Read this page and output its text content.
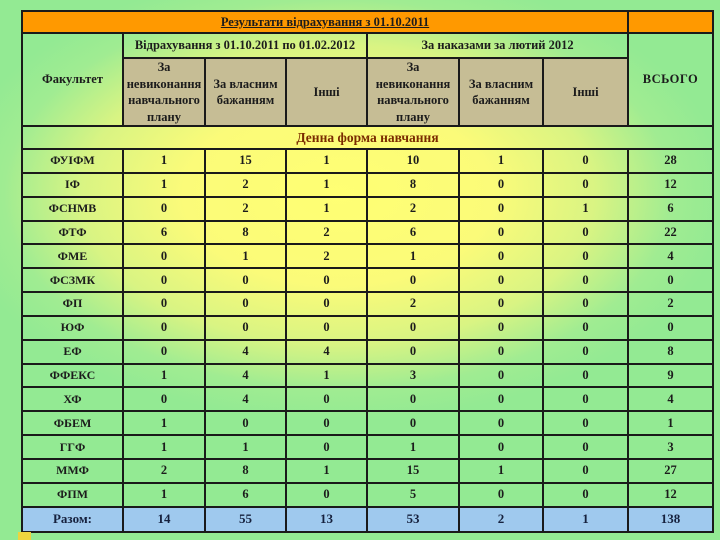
Результати відрахування з 01.10.2011							
Факультет	Відрахування з 01.10.2011 по 01.02.2012			За наказами за лютий 2012			ВСЬОГО
	За невиконання навчального плану	За власним бажанням	Інші	За невиконання навчального плану	За власним бажанням	Інші	
Денна форма навчання							
ФУІФМ	1	15	1	10	1	0	28
ІФ	1	2	1	8	0	0	12
ФСНМВ	0	2	1	2	0	1	6
ФТФ	6	8	2	6	0	0	22
ФМЕ	0	1	2	1	0	0	4
ФСЗМК	0	0	0	0	0	0	0
ФП	0	0	0	2	0	0	2
ЮФ	0	0	0	0	0	0	0
ЕФ	0	4	4	0	0	0	8
ФФЕКС	1	4	1	3	0	0	9
ХФ	0	4	0	0	0	0	4
ФБЕМ	1	0	0	0	0	0	1
ГГФ	1	1	0	1	0	0	3
ММФ	2	8	1	15	1	0	27
ФПМ	1	6	0	5	0	0	12
Разом:	14	55	13	53	2	1	138
